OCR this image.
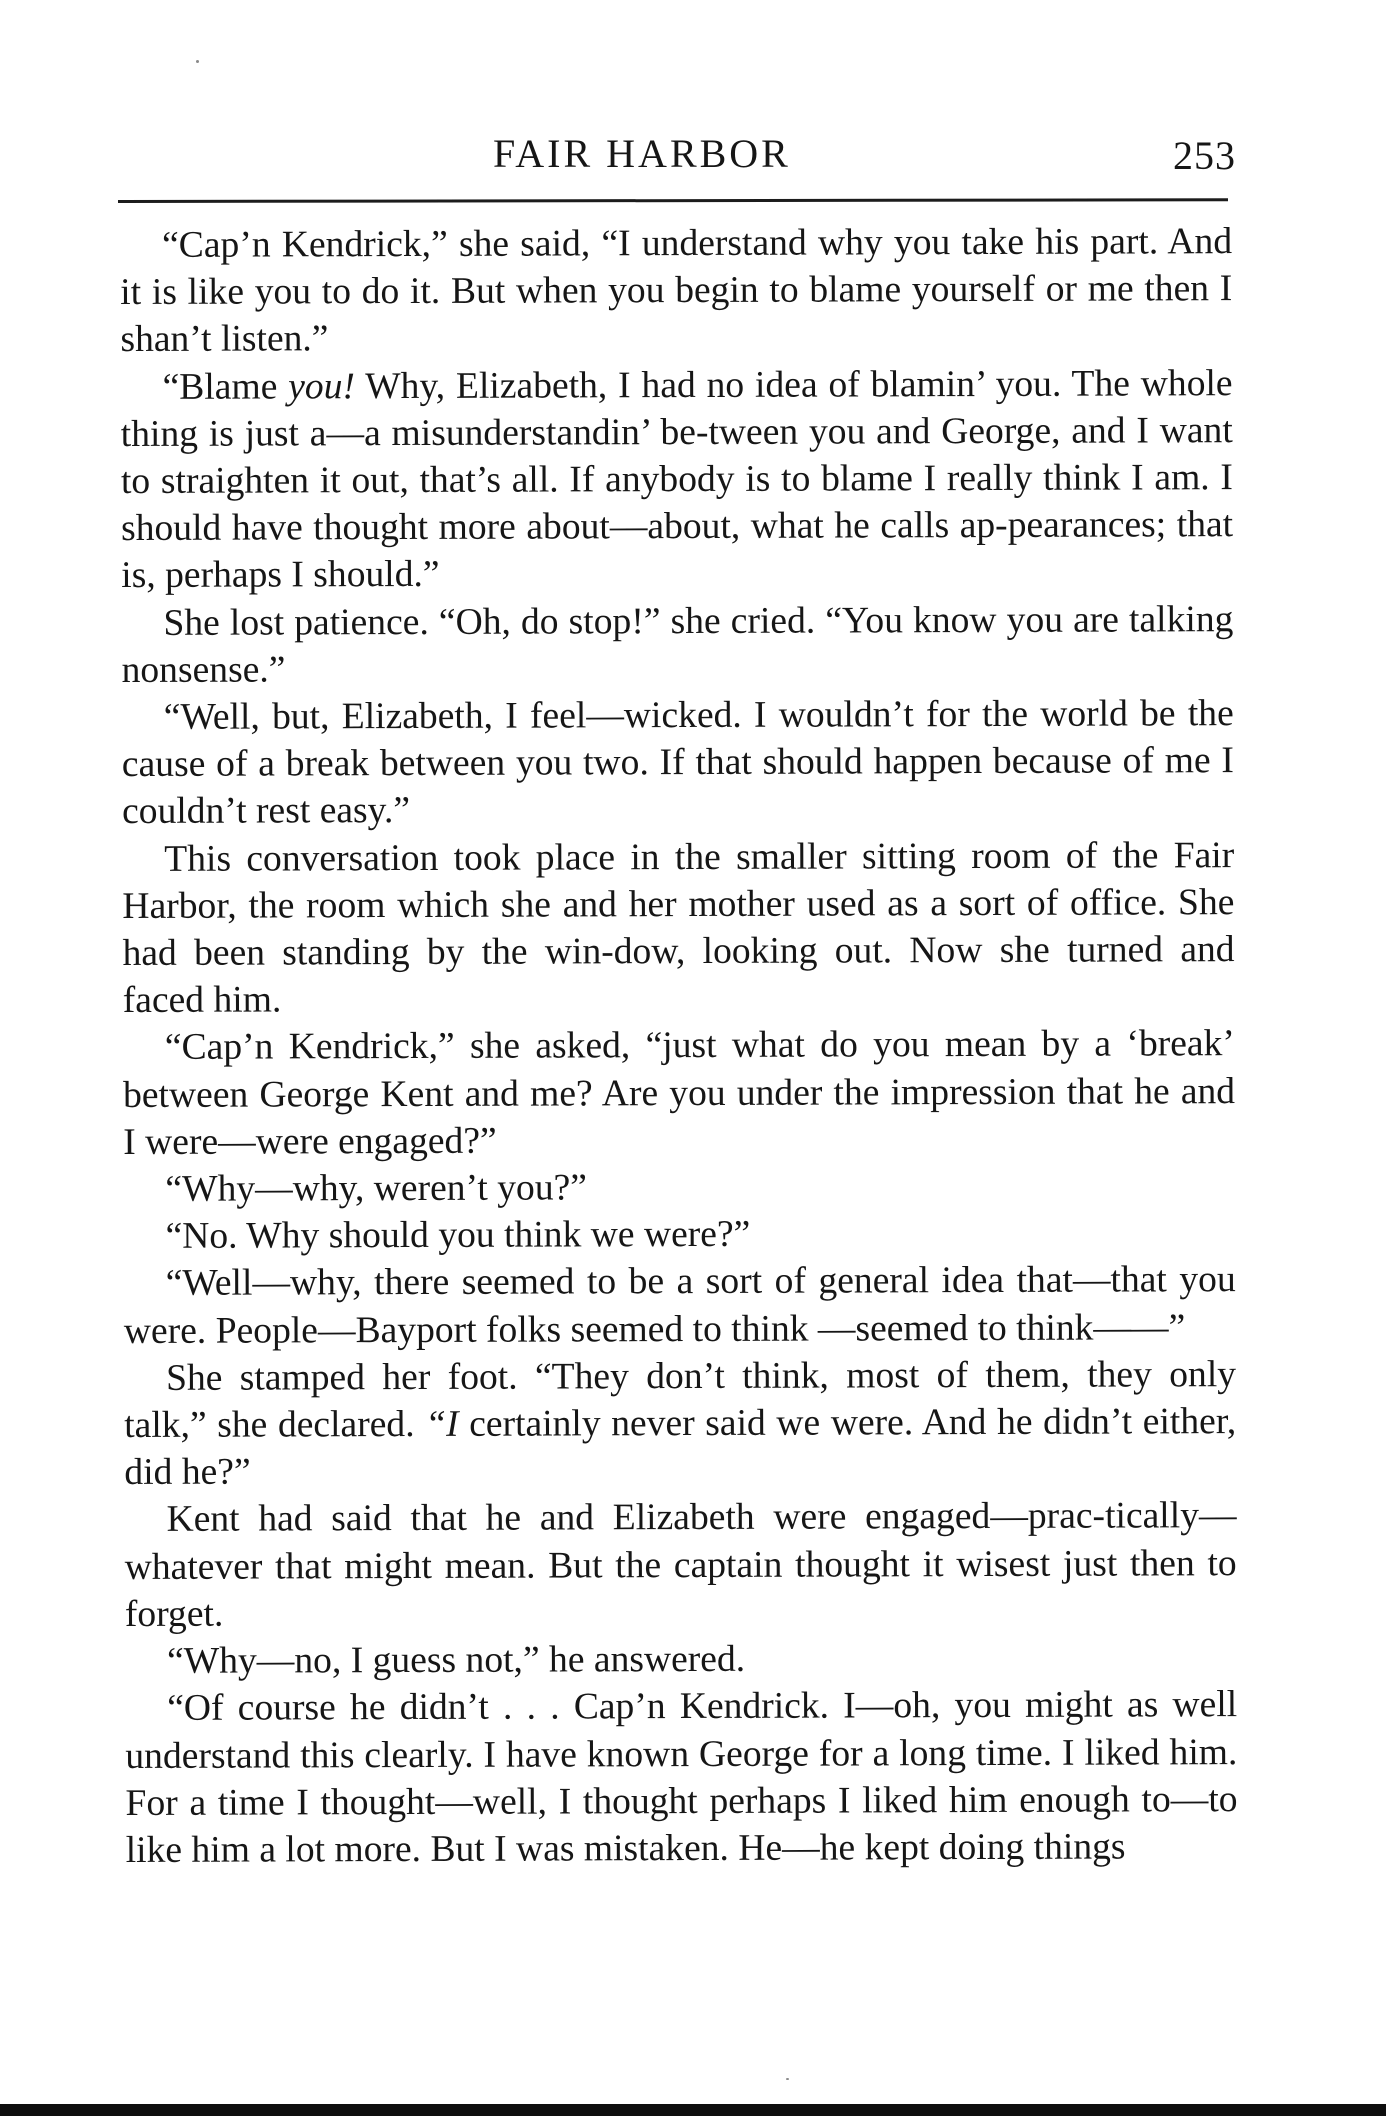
FAIR HARBOR	253

“Cap’n Kendrick,” she said, “I understand why you take his part. And it is like you to do it. But when you begin to blame yourself or me then I shan’t listen.”

“Blame you! Why, Elizabeth, I had no idea of blamin’ you. The whole thing is just a—a misunderstandin’ be-tween you and George, and I want to straighten it out, that’s all. If anybody is to blame I really think I am. I should have thought more about—about, what he calls ap-pearances; that is, perhaps I should.”

She lost patience. “Oh, do stop!” she cried. “You know you are talking nonsense.”

“Well, but, Elizabeth, I feel—wicked. I wouldn’t for the world be the cause of a break between you two. If that should happen because of me I couldn’t rest easy.”

This conversation took place in the smaller sitting room of the Fair Harbor, the room which she and her mother used as a sort of office. She had been standing by the win-dow, looking out. Now she turned and faced him.

“Cap’n Kendrick,” she asked, “just what do you mean by a ‘break’ between George Kent and me? Are you under the impression that he and I were—were engaged?”

“Why—why, weren’t you?”

“No. Why should you think we were?”

“Well—why, there seemed to be a sort of general idea that—that you were. People—Bayport folks seemed to think —seemed to think——”

She stamped her foot. “They don’t think, most of them, they only talk,” she declared. “I certainly never said we were. And he didn’t either, did he?”

Kent had said that he and Elizabeth were engaged—prac-tically—whatever that might mean. But the captain thought it wisest just then to forget.

“Why—no, I guess not,” he answered.

“Of course he didn’t . . . Cap’n Kendrick. I—oh, you might as well understand this clearly. I have known George for a long time. I liked him. For a time I thought—well, I thought perhaps I liked him enough to—to like him a lot more. But I was mistaken. He—he kept doing things
